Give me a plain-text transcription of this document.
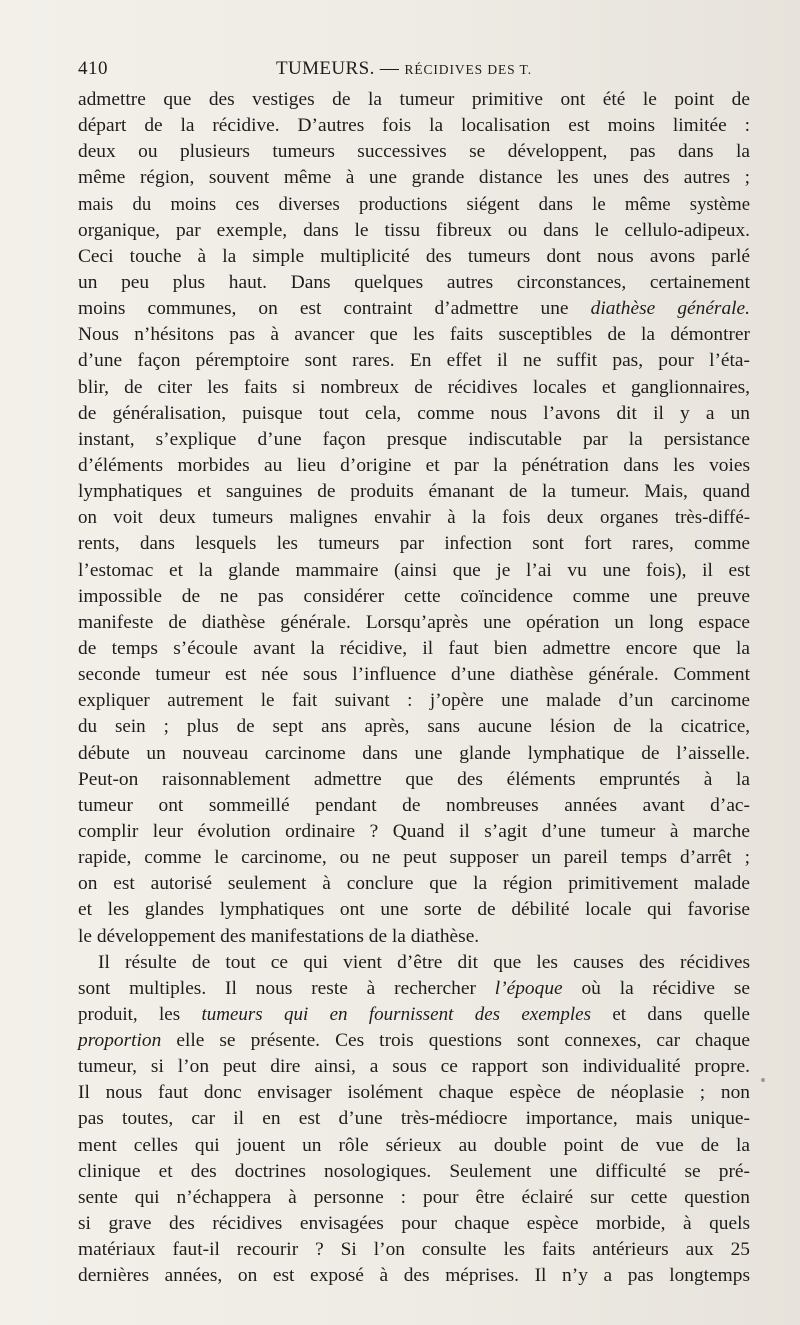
410	TUMEURS. — RÉCIDIVES DES T.
admettre que des vestiges de la tumeur primitive ont été le point de
départ de la récidive. D’autres fois la localisation est moins limitée :
deux ou plusieurs tumeurs successives se développent, pas dans la
même région, souvent même à une grande distance les unes des autres ;
mais du moins ces diverses productions siégent dans le même système
organique, par exemple, dans le tissu fibreux ou dans le cellulo-adipeux.
Ceci touche à la simple multiplicité des tumeurs dont nous avons parlé
un peu plus haut. Dans quelques autres circonstances, certainement
moins communes, on est contraint d’admettre une diathèse générale.
Nous n’hésitons pas à avancer que les faits susceptibles de la démontrer
d’une façon péremptoire sont rares. En effet il ne suffit pas, pour l’éta-
blir, de citer les faits si nombreux de récidives locales et ganglionnaires,
de généralisation, puisque tout cela, comme nous l’avons dit il y a un
instant, s’explique d’une façon presque indiscutable par la persistance
d’éléments morbides au lieu d’origine et par la pénétration dans les voies
lymphatiques et sanguines de produits émanant de la tumeur. Mais, quand
on voit deux tumeurs malignes envahir à la fois deux organes très-diffé-
rents, dans lesquels les tumeurs par infection sont fort rares, comme
l’estomac et la glande mammaire (ainsi que je l’ai vu une fois), il est
impossible de ne pas considérer cette coïncidence comme une preuve
manifeste de diathèse générale. Lorsqu’après une opération un long espace
de temps s’écoule avant la récidive, il faut bien admettre encore que la
seconde tumeur est née sous l’influence d’une diathèse générale. Comment
expliquer autrement le fait suivant : j’opère une malade d’un carcinome
du sein ; plus de sept ans après, sans aucune lésion de la cicatrice,
débute un nouveau carcinome dans une glande lymphatique de l’aisselle.
Peut-on raisonnablement admettre que des éléments empruntés à la
tumeur ont sommeillé pendant de nombreuses années avant d’ac-
complir leur évolution ordinaire ? Quand il s’agit d’une tumeur à marche
rapide, comme le carcinome, ou ne peut supposer un pareil temps d’arrêt ;
on est autorisé seulement à conclure que la région primitivement malade
et les glandes lymphatiques ont une sorte de débilité locale qui favorise
le développement des manifestations de la diathèse.
Il résulte de tout ce qui vient d’être dit que les causes des récidives
sont multiples. Il nous reste à rechercher l’époque où la récidive se
produit, les tumeurs qui en fournissent des exemples et dans quelle
proportion elle se présente. Ces trois questions sont connexes, car chaque
tumeur, si l’on peut dire ainsi, a sous ce rapport son individualité propre.
Il nous faut donc envisager isolément chaque espèce de néoplasie ; non
pas toutes, car il en est d’une très-médiocre importance, mais unique-
ment celles qui jouent un rôle sérieux au double point de vue de la
clinique et des doctrines nosologiques. Seulement une difficulté se pré-
sente qui n’échappera à personne : pour être éclairé sur cette question
si grave des récidives envisagées pour chaque espèce morbide, à quels
matériaux faut-il recourir ? Si l’on consulte les faits antérieurs aux 25
dernières années, on est exposé à des méprises. Il n’y a pas longtemps
